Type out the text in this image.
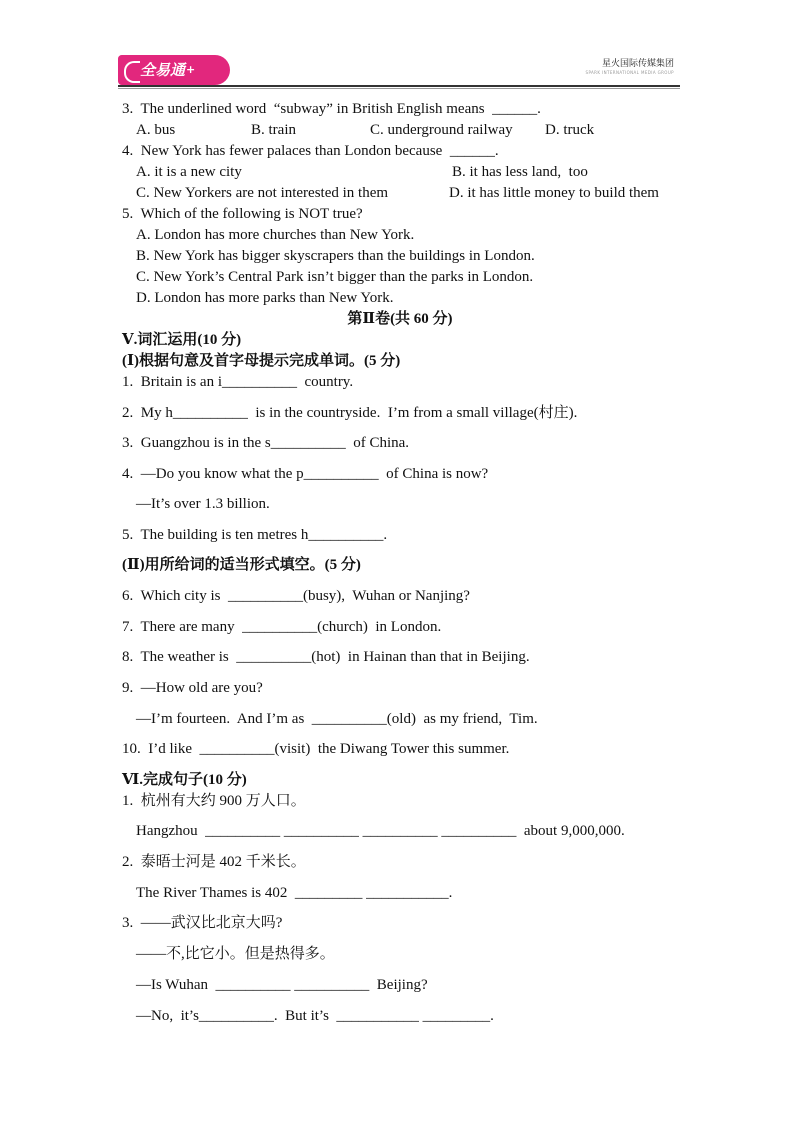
全易通+	星火国际传媒集团
SPARK INTERNATIONAL MEDIA GROUP
3.  The underlined word  “subway” in British English means  ______.
A. bus	B. train	C. underground railway D. truck
4.  New York has fewer palaces than London because  ______.
A. it is a new city	B. it has less land,  too
C. New Yorkers are not interested in them	D. it has little money to build them
5.  Which of the following is NOT true?
A. London has more churches than New York.
B. New York has bigger skyscrapers than the buildings in London.
C. New York’s Central Park isn’t bigger than the parks in London.
D. London has more parks than New York.
第Ⅱ卷(共 60 分)
Ⅴ.词汇运用(10 分)
(Ⅰ)根据句意及首字母提示完成单词。(5 分)
1.  Britain is an i__________  country.
2.  My h__________  is in the countryside.  I’m from a small village(村庄).
3.  Guangzhou is in the s__________  of China.
4.  —Do you know what the p__________  of China is now?
—It’s over 1.3 billion.
5.  The building is ten metres h__________.
(Ⅱ)用所给词的适当形式填空。(5 分)
6.  Which city is  __________(busy),  Wuhan or Nanjing?
7.  There are many  __________(church)  in London.
8.  The weather is  __________(hot)  in Hainan than that in Beijing.
9.  —How old are you?
—I’m fourteen.  And I’m as  __________(old)  as my friend,  Tim.
10.  I’d like  __________(visit)  the Diwang Tower this summer.
Ⅵ.完成句子(10 分)
1.  杭州有大约 900 万人口。
Hangzhou  __________ __________ __________ __________  about 9,000,000.
2.  泰晤士河是 402 千米长。
The River Thames is 402  _________ ___________.
3.  ——武汉比北京大吗?
——不,比它小。但是热得多。
—Is Wuhan  __________ __________  Beijing?
—No,  it’s__________.  But it’s  ___________ _________.
